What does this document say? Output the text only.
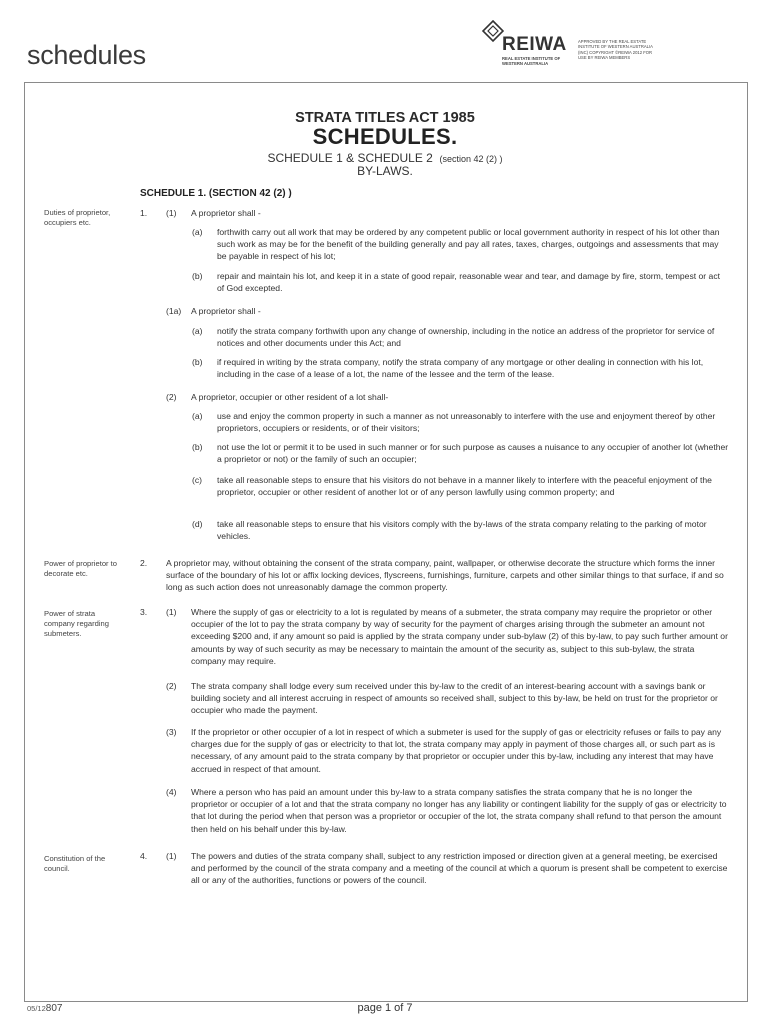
schedules	REIWA
REAL ESTATE INSTITUTE OF WESTERN AUSTRALIA
APPROVED BY THE REAL ESTATE INSTITUTE OF WESTERN AUSTRALIA (INC) COPYRIGHT ©REIWA 2012 FOR USE BY REIWA MEMBERS
STRATA TITLES ACT 1985
SCHEDULES.
SCHEDULE 1 & SCHEDULE 2 (section 42 (2) )
BY-LAWS.
SCHEDULE 1. (SECTION 42 (2) )
Duties of proprietor, occupiers etc.
Power of proprietor to decorate etc.
Power of strata company regarding submeters.
Constitution of the council.
1. (1) A proprietor shall -
(a) forthwith carry out all work that may be ordered by any competent public or local government authority in respect of his lot other than such work as may be for the benefit of the building generally and pay all rates, taxes, charges, outgoings and assessments that may be payable in respect of his lot;
(b) repair and maintain his lot, and keep it in a state of good repair, reasonable wear and tear, and damage by fire, storm, tempest or act of God excepted.
(1a) A proprietor shall -
(a) notify the strata company forthwith upon any change of ownership, including in the notice an address of the proprietor for service of notices and other documents under this Act; and
(b) if required in writing by the strata company, notify the strata company of any mortgage or other dealing in connection with his lot, including in the case of a lease of a lot, the name of the lessee and the term of the lease.
(2) A proprietor, occupier or other resident of a lot shall-
(a) use and enjoy the common property in such a manner as not unreasonably to interfere with the use and enjoyment thereof by other proprietors, occupiers or residents, or of their visitors;
(b) not use the lot or permit it to be used in such manner or for such purpose as causes a nuisance to any occupier of another lot (whether a proprietor or not) or the family of such an occupier;
(c) take all reasonable steps to ensure that his visitors do not behave in a manner likely to interfere with the peaceful enjoyment of the proprietor, occupier or other resident of another lot or of any person lawfully using common property; and
(d) take all reasonable steps to ensure that his visitors comply with the by-laws of the strata company relating to the parking of motor vehicles.
2. A proprietor may, without obtaining the consent of the strata company, paint, wallpaper, or otherwise decorate the structure which forms the inner surface of the boundary of his lot or affix locking devices, flyscreens, furnishings, furniture, carpets and other similar things to that surface, if and so long as such action does not unreasonably damage the common property.
3. (1) Where the supply of gas or electricity to a lot is regulated by means of a submeter, the strata company may require the proprietor or other occupier of the lot to pay the strata company by way of security for the payment of charges arising through the submeter an amount not exceeding $200 and, if any amount so paid is applied by the strata company under sub-bylaw (2) of this by-law, to pay such further amount or amounts by way of such security as may be necessary to maintain the amount of the security as, subject to this sub-bylaw, the strata company may require.
(2) The strata company shall lodge every sum received under this by-law to the credit of an interest-bearing account with a savings bank or building society and all interest accruing in respect of amounts so received shall, subject to this by-law, be held on trust for the proprietor or occupier who made the payment.
(3) If the proprietor or other occupier of a lot in respect of which a submeter is used for the supply of gas or electricity refuses or fails to pay any charges due for the supply of gas or electricity to that lot, the strata company may apply in payment of those charges all, or such part as is necessary, of any amount paid to the strata company by that proprietor or occupier under this by-law, including any interest that may have accrued in respect of that amount.
(4) Where a person who has paid an amount under this by-law to a strata company satisfies the strata company that he is no longer the proprietor or occupier of a lot and that the strata company no longer has any liability or contingent liability for the supply of gas or electricity to that lot during the period when that person was a proprietor or occupier of the lot, the strata company shall refund to that person the amount then held on his behalf under this by-law.
4. (1) The powers and duties of the strata company shall, subject to any restriction imposed or direction given at a general meeting, be exercised and performed by the council of the strata company and a meeting of the council at which a quorum is present shall be competent to exercise all or any of the authorities, functions or powers of the council.
05/12807	page 1 of 7
